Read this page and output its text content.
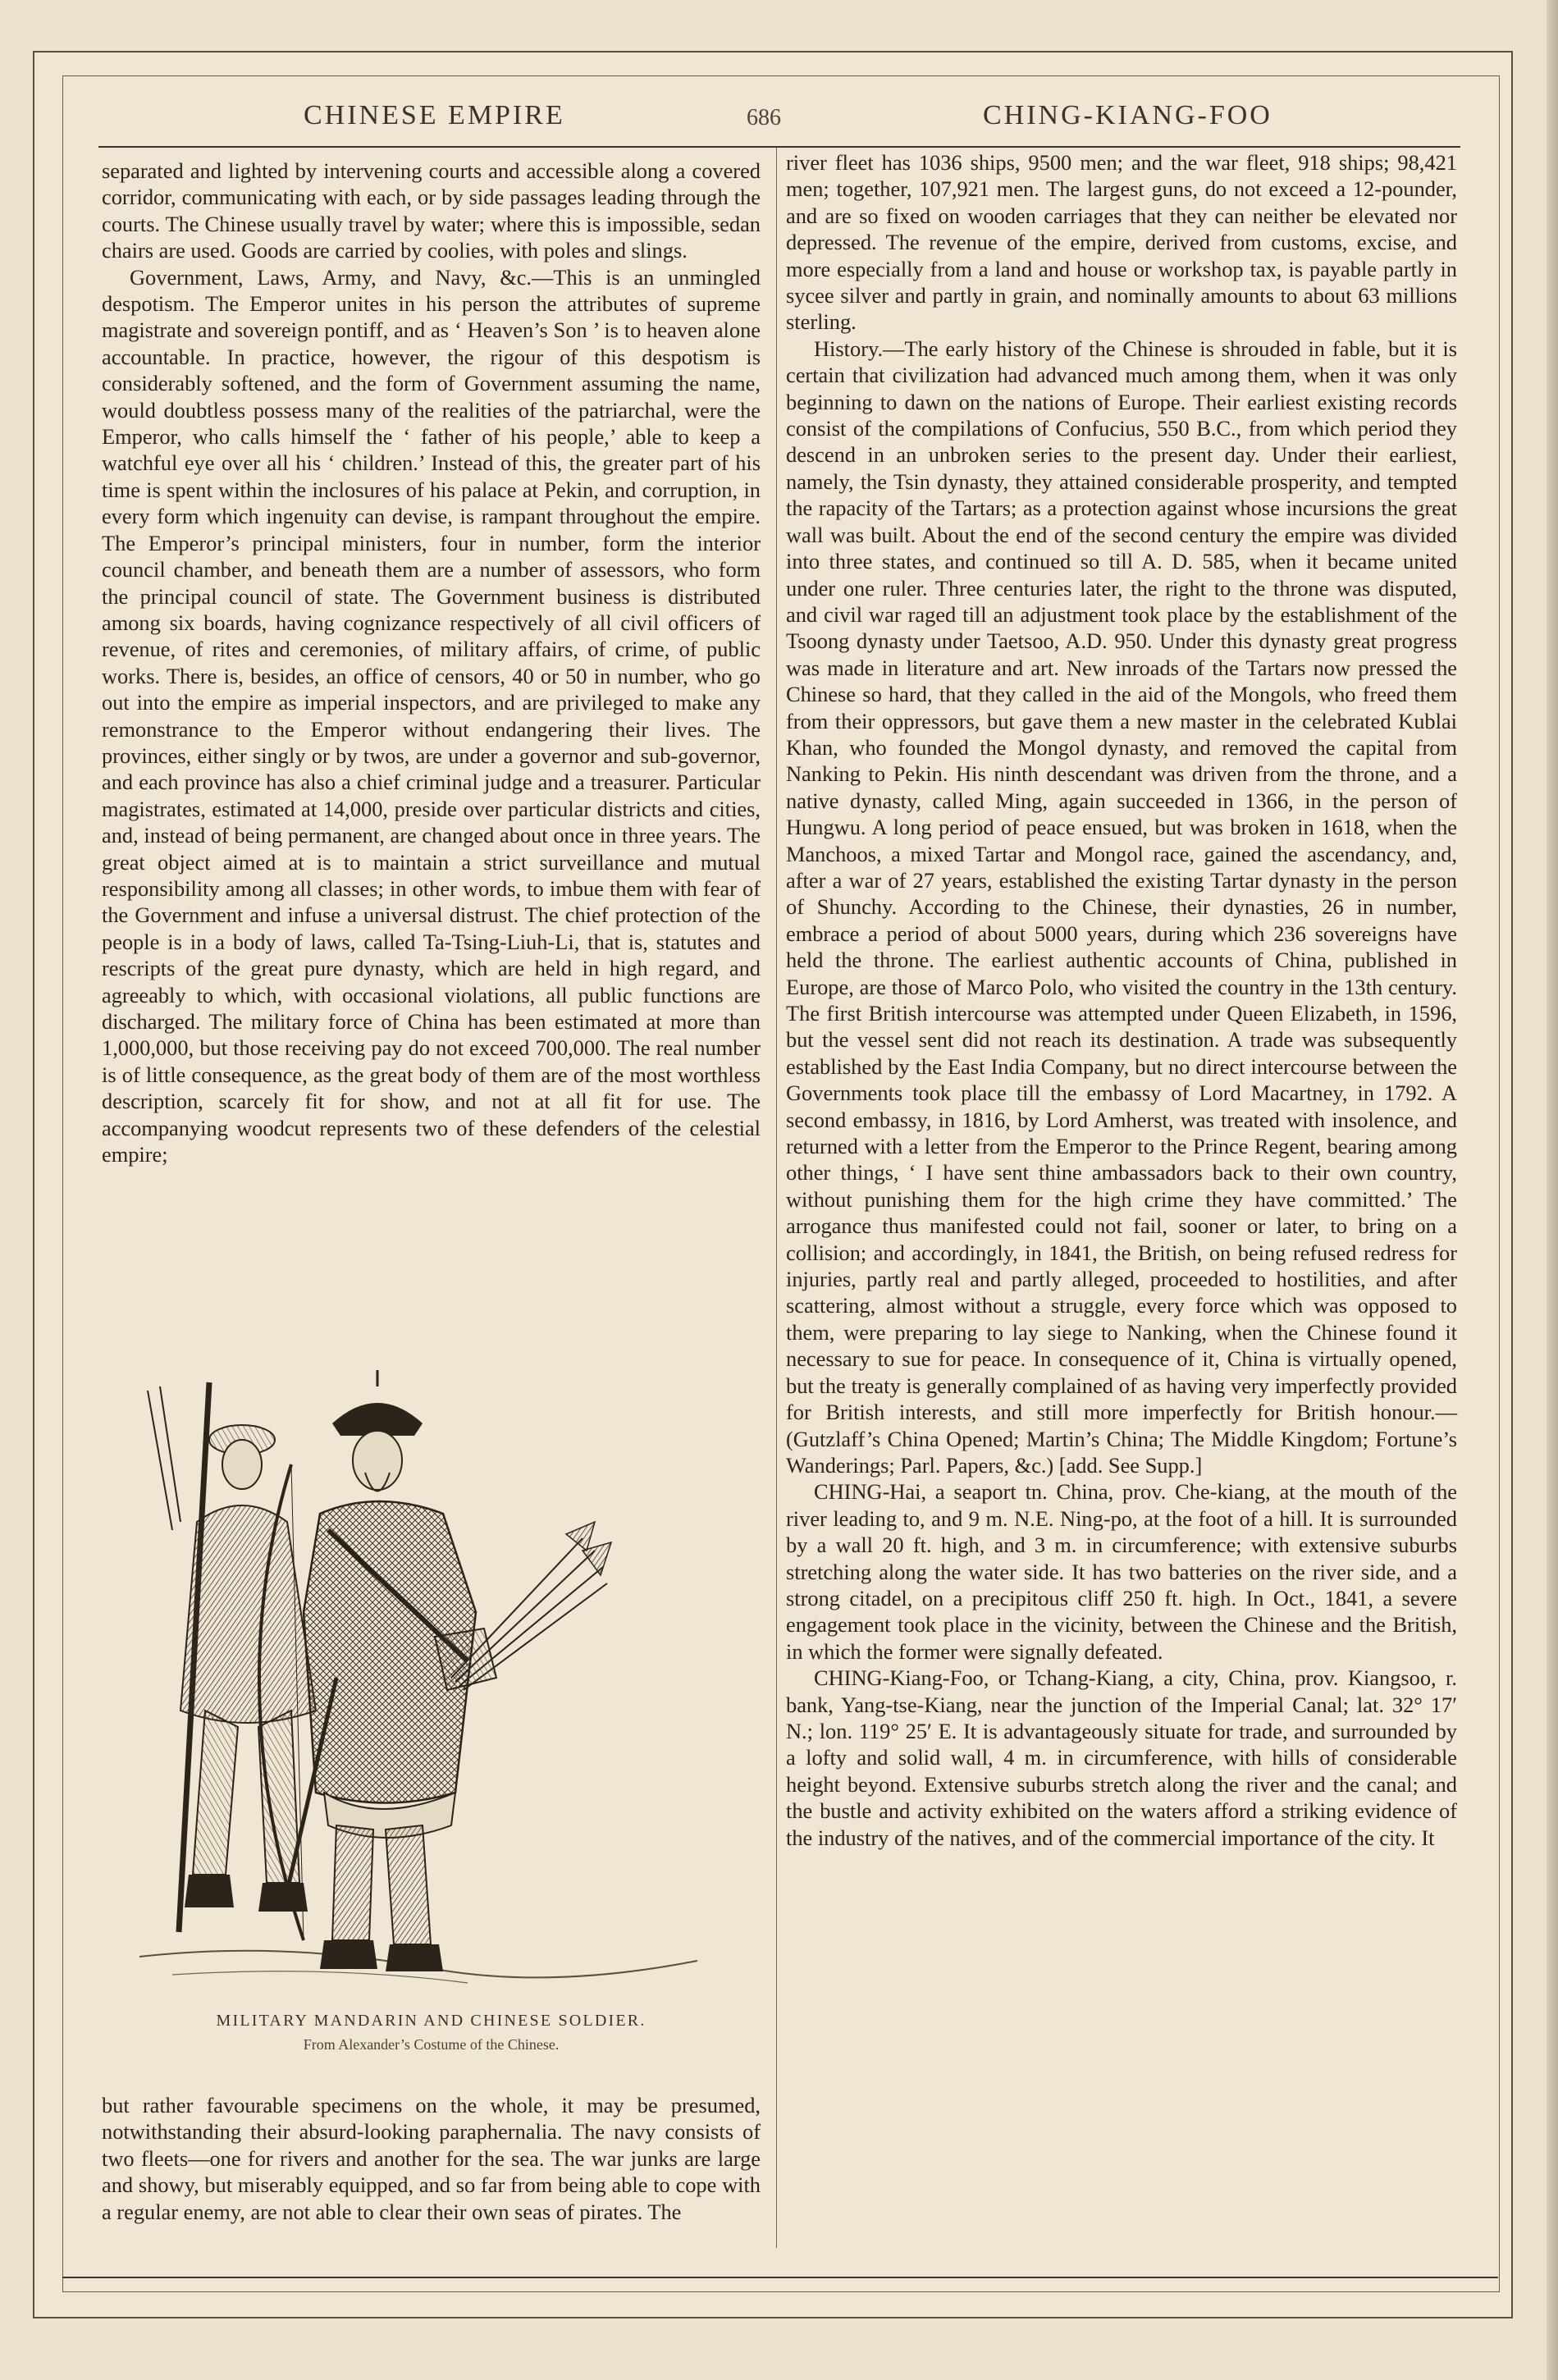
CHINESE EMPIRE	686	CHING-KIANG-FOO

separated and lighted by intervening courts and accessible along a covered corridor, communicating with each, or by side passages leading through the courts. The Chinese usually travel by water; where this is impossible, sedan chairs are used. Goods are carried by coolies, with poles and slings.

Government, Laws, Army, and Navy, &c.—This is an unmingled despotism. The Emperor unites in his person the attributes of supreme magistrate and sovereign pontiff, and as ‘ Heaven’s Son ’ is to heaven alone accountable. In practice, however, the rigour of this despotism is considerably softened, and the form of Government assuming the name, would doubtless possess many of the realities of the patriarchal, were the Emperor, who calls himself the ‘ father of his people,’ able to keep a watchful eye over all his ‘ children.’ Instead of this, the greater part of his time is spent within the inclosures of his palace at Pekin, and corruption, in every form which ingenuity can devise, is rampant throughout the empire. The Emperor’s principal ministers, four in number, form the interior council chamber, and beneath them are a number of assessors, who form the principal council of state. The Government business is distributed among six boards, having cognizance respectively of all civil officers of revenue, of rites and ceremonies, of military affairs, of crime, of public works. There is, besides, an office of censors, 40 or 50 in number, who go out into the empire as imperial inspectors, and are privileged to make any remonstrance to the Emperor without endangering their lives. The provinces, either singly or by twos, are under a governor and sub-governor, and each province has also a chief criminal judge and a treasurer. Particular magistrates, estimated at 14,000, preside over particular districts and cities, and, instead of being permanent, are changed about once in three years. The great object aimed at is to maintain a strict surveillance and mutual responsibility among all classes; in other words, to imbue them with fear of the Government and infuse a universal distrust. The chief protection of the people is in a body of laws, called Ta-Tsing-Liuh-Li, that is, statutes and rescripts of the great pure dynasty, which are held in high regard, and agreeably to which, with occasional violations, all public functions are discharged. The military force of China has been estimated at more than 1,000,000, but those receiving pay do not exceed 700,000. The real number is of little consequence, as the great body of them are of the most worthless description, scarcely fit for show, and not at all fit for use. The accompanying woodcut represents two of these defenders of the celestial empire;

MILITARY MANDARIN AND CHINESE SOLDIER.
From Alexander’s Costume of the Chinese.

but rather favourable specimens on the whole, it may be presumed, notwithstanding their absurd-looking paraphernalia. The navy consists of two fleets—one for rivers and another for the sea. The war junks are large and showy, but miserably equipped, and so far from being able to cope with a regular enemy, are not able to clear their own seas of pirates. The

river fleet has 1036 ships, 9500 men; and the war fleet, 918 ships; 98,421 men; together, 107,921 men. The largest guns, do not exceed a 12-pounder, and are so fixed on wooden carriages that they can neither be elevated nor depressed. The revenue of the empire, derived from customs, excise, and more especially from a land and house or workshop tax, is payable partly in sycee silver and partly in grain, and nominally amounts to about 63 millions sterling.

History.—The early history of the Chinese is shrouded in fable, but it is certain that civilization had advanced much among them, when it was only beginning to dawn on the nations of Europe. Their earliest existing records consist of the compilations of Confucius, 550 B.C., from which period they descend in an unbroken series to the present day. Under their earliest, namely, the Tsin dynasty, they attained considerable prosperity, and tempted the rapacity of the Tartars; as a protection against whose incursions the great wall was built. About the end of the second century the empire was divided into three states, and continued so till A. D. 585, when it became united under one ruler. Three centuries later, the right to the throne was disputed, and civil war raged till an adjustment took place by the establishment of the Tsoong dynasty under Taetsoo, A.D. 950. Under this dynasty great progress was made in literature and art. New inroads of the Tartars now pressed the Chinese so hard, that they called in the aid of the Mongols, who freed them from their oppressors, but gave them a new master in the celebrated Kublai Khan, who founded the Mongol dynasty, and removed the capital from Nanking to Pekin. His ninth descendant was driven from the throne, and a native dynasty, called Ming, again succeeded in 1366, in the person of Hungwu. A long period of peace ensued, but was broken in 1618, when the Manchoos, a mixed Tartar and Mongol race, gained the ascendancy, and, after a war of 27 years, established the existing Tartar dynasty in the person of Shunchy. According to the Chinese, their dynasties, 26 in number, embrace a period of about 5000 years, during which 236 sovereigns have held the throne. The earliest authentic accounts of China, published in Europe, are those of Marco Polo, who visited the country in the 13th century. The first British intercourse was attempted under Queen Elizabeth, in 1596, but the vessel sent did not reach its destination. A trade was subsequently established by the East India Company, but no direct intercourse between the Governments took place till the embassy of Lord Macartney, in 1792. A second embassy, in 1816, by Lord Amherst, was treated with insolence, and returned with a letter from the Emperor to the Prince Regent, bearing among other things, ‘ I have sent thine ambassadors back to their own country, without punishing them for the high crime they have committed.’ The arrogance thus manifested could not fail, sooner or later, to bring on a collision; and accordingly, in 1841, the British, on being refused redress for injuries, partly real and partly alleged, proceeded to hostilities, and after scattering, almost without a struggle, every force which was opposed to them, were preparing to lay siege to Nanking, when the Chinese found it necessary to sue for peace. In consequence of it, China is virtually opened, but the treaty is generally complained of as having very imperfectly provided for British interests, and still more imperfectly for British honour.—(Gutzlaff’s China Opened; Martin’s China; The Middle Kingdom; Fortune’s Wanderings; Parl. Papers, &c.) [add. See Supp.]

CHING-Hai, a seaport tn. China, prov. Che-kiang, at the mouth of the river leading to, and 9 m. N.E. Ning-po, at the foot of a hill. It is surrounded by a wall 20 ft. high, and 3 m. in circumference; with extensive suburbs stretching along the water side. It has two batteries on the river side, and a strong citadel, on a precipitous cliff 250 ft. high. In Oct., 1841, a severe engagement took place in the vicinity, between the Chinese and the British, in which the former were signally defeated.

CHING-Kiang-Foo, or Tchang-Kiang, a city, China, prov. Kiangsoo, r. bank, Yang-tse-Kiang, near the junction of the Imperial Canal; lat. 32° 17′ N.; lon. 119° 25′ E. It is advantageously situate for trade, and surrounded by a lofty and solid wall, 4 m. in circumference, with hills of considerable height beyond. Extensive suburbs stretch along the river and the canal; and the bustle and activity exhibited on the waters afford a striking evidence of the industry of the natives, and of the commercial importance of the city. It
